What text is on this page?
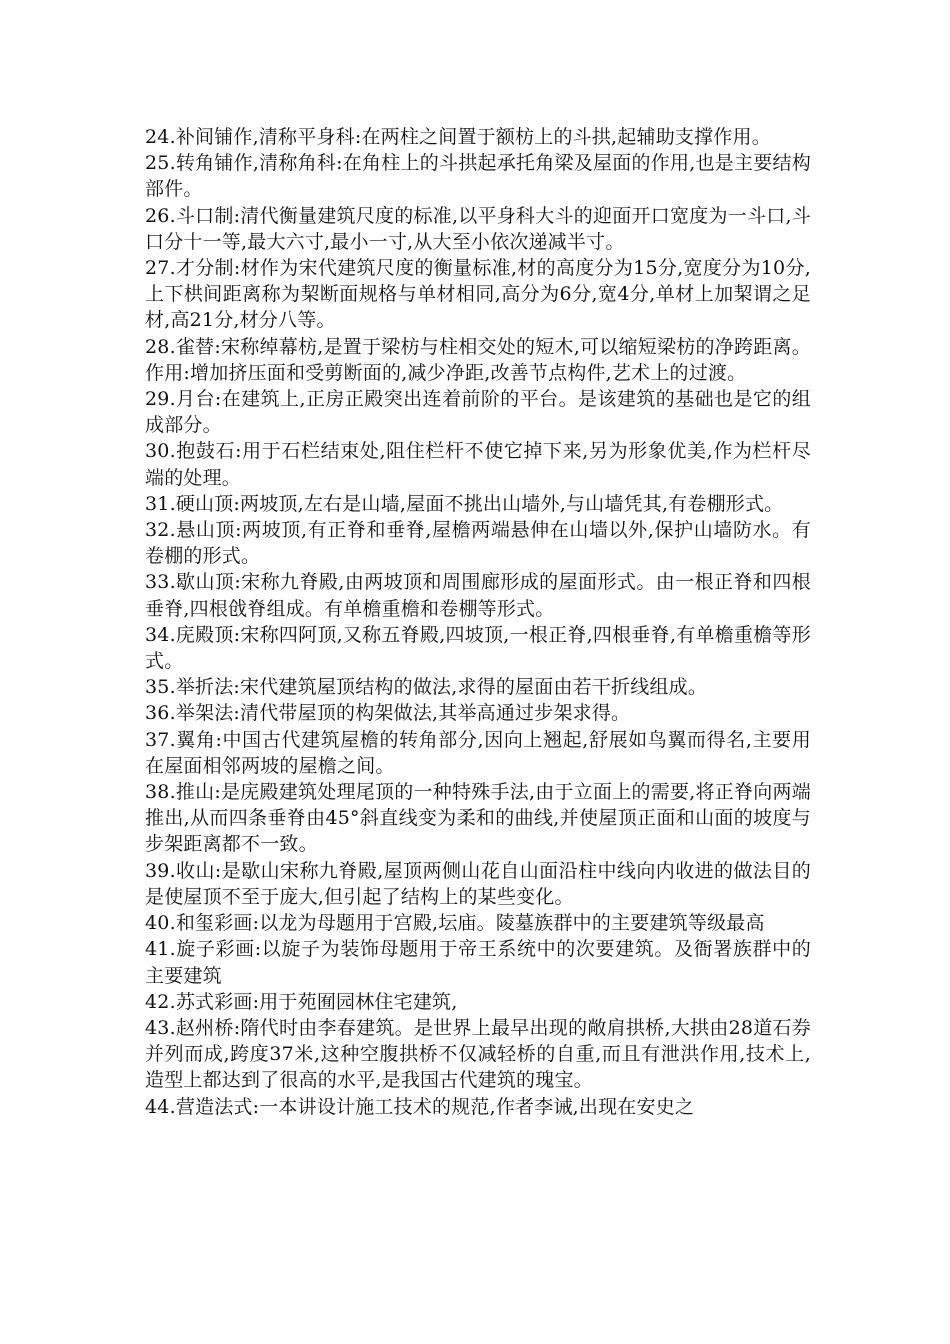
24.补间铺作,清称平身科:在两柱之间置于额枋上的斗拱,起辅助支撑作用。

25.转角铺作,清称角科:在角柱上的斗拱起承托角梁及屋面的作用,也是主要结构部件。

26.斗口制:清代衡量建筑尺度的标准,以平身科大斗的迎面开口宽度为一斗口,斗口分十一等,最大六寸,最小一寸,从大至小依次递减半寸。

27.才分制:材作为宋代建筑尺度的衡量标准,材的高度分为15分,宽度分为10分,上下栱间距离称为栔断面规格与单材相同,高分为6分,宽4分,单材上加栔谓之足材,高21分,材分八等。

28.雀替:宋称绰幕枋,是置于梁枋与柱相交处的短木,可以缩短梁枋的净跨距离。作用:增加挤压面和受剪断面的,减少净距,改善节点构件,艺术上的过渡。

29.月台:在建筑上,正房正殿突出连着前阶的平台。是该建筑的基础也是它的组成部分。

30.抱鼓石:用于石栏结束处,阻住栏杆不使它掉下来,另为形象优美,作为栏杆尽端的处理。

31.硬山顶:两坡顶,左右是山墙,屋面不挑出山墙外,与山墙凭其,有卷棚形式。

32.悬山顶:两坡顶,有正脊和垂脊,屋檐两端悬伸在山墙以外,保护山墙防水。有卷棚的形式。

33.歇山顶:宋称九脊殿,由两坡顶和周围廊形成的屋面形式。由一根正脊和四根垂脊,四根戗脊组成。有单檐重檐和卷棚等形式。

34.庑殿顶:宋称四阿顶,又称五脊殿,四坡顶,一根正脊,四根垂脊,有单檐重檐等形式。

35.举折法:宋代建筑屋顶结构的做法,求得的屋面由若干折线组成。

36.举架法:清代带屋顶的构架做法,其举高通过步架求得。

37.翼角:中国古代建筑屋檐的转角部分,因向上翘起,舒展如鸟翼而得名,主要用在屋面相邻两坡的屋檐之间。

38.推山:是庑殿建筑处理尾顶的一种特殊手法,由于立面上的需要,将正脊向两端推出,从而四条垂脊由45°斜直线变为柔和的曲线,并使屋顶正面和山面的坡度与步架距离都不一致。

39.收山:是歇山宋称九脊殿,屋顶两侧山花自山面沿柱中线向内收进的做法目的是使屋顶不至于庞大,但引起了结构上的某些变化。

40.和玺彩画:以龙为母题用于宫殿,坛庙。陵墓族群中的主要建筑等级最高

41.旋子彩画:以旋子为装饰母题用于帝王系统中的次要建筑。及衙署族群中的主要建筑

42.苏式彩画:用于苑囿园林住宅建筑,

43.赵州桥:隋代时由李春建筑。是世界上最早出现的敞肩拱桥,大拱由28道石券并列而成,跨度37米,这种空腹拱桥不仅减轻桥的自重,而且有泄洪作用,技术上,造型上都达到了很高的水平,是我国古代建筑的瑰宝。

44.营造法式:一本讲设计施工技术的规范,作者李诫,出现在安史之
